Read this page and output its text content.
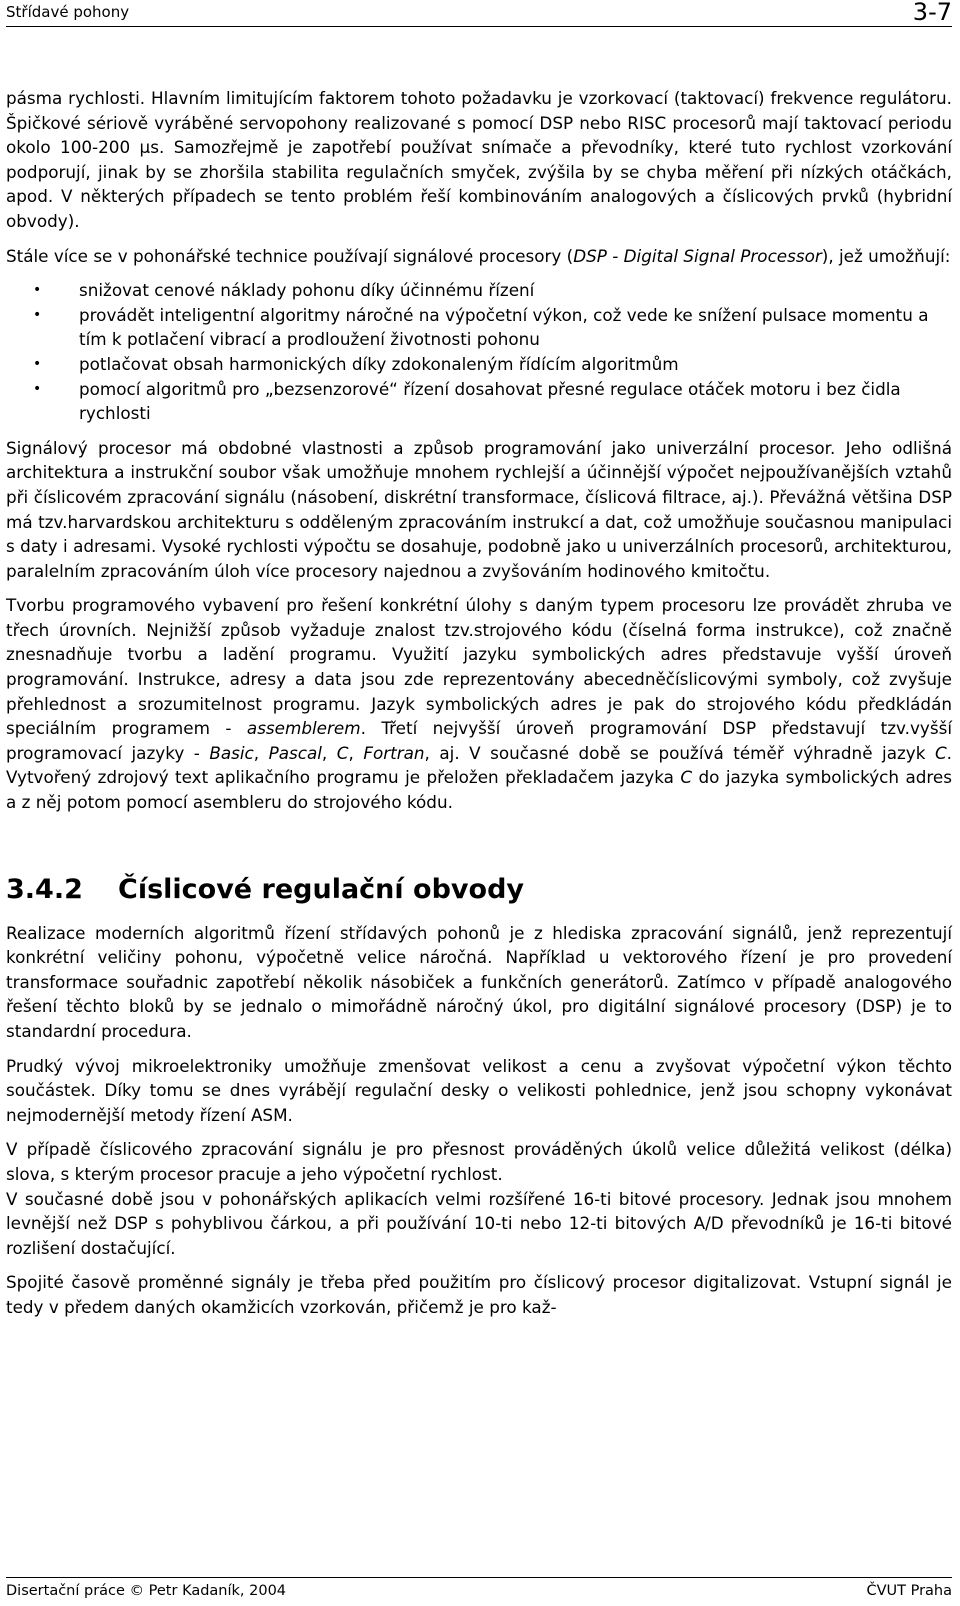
Střídavé pohony	3-7

pásma rychlosti. Hlavním limitujícím faktorem tohoto požadavku je vzorkovací (taktovací) frekvence regulátoru. Špičkové sériově vyráběné servopohony realizované s pomocí DSP nebo RISC procesorů mají taktovací periodu okolo 100-200 μs. Samozřejmě je zapotřebí používat snímače a převodníky, které tuto rychlost vzorkování podporují, jinak by se zhoršila stabilita regulačních smyček, zvýšila by se chyba měření při nízkých otáčkách, apod. V některých případech se tento problém řeší kombinováním analogových a číslicových prvků (hybridní obvody).

Stále více se v pohonářské technice používají signálové procesory (DSP - Digital Signal Processor), jež umožňují:

• snižovat cenové náklady pohonu díky účinnému řízení
• provádět inteligentní algoritmy náročné na výpočetní výkon, což vede ke snížení pulsace momentu a tím k potlačení vibrací a prodloužení životnosti pohonu
• potlačovat obsah harmonických díky zdokonaleným řídícím algoritmům
• pomocí algoritmů pro „bezsenzorové“ řízení dosahovat přesné regulace otáček motoru i bez čidla rychlosti

Signálový procesor má obdobné vlastnosti a způsob programování jako univerzální procesor. Jeho odlišná architektura a instrukční soubor však umožňuje mnohem rychlejší a účinnější výpočet nejpoužívanějších vztahů při číslicovém zpracování signálu (násobení, diskrétní transformace, číslicová filtrace, aj.). Převážná většina DSP má tzv.harvardskou architekturu s odděleným zpracováním instrukcí a dat, což umožňuje současnou manipulaci s daty i adresami. Vysoké rychlosti výpočtu se dosahuje, podobně jako u univerzálních procesorů, architekturou, paralelním zpracováním úloh více procesory najednou a zvyšováním hodinového kmitočtu.

Tvorbu programového vybavení pro řešení konkrétní úlohy s daným typem procesoru lze provádět zhruba ve třech úrovních. Nejnižší způsob vyžaduje znalost tzv.strojového kódu (číselná forma instrukce), což značně znesnadňuje tvorbu a ladění programu. Využití jazyku symbolických adres představuje vyšší úroveň programování. Instrukce, adresy a data jsou zde reprezentovány abecedněčíslicovými symboly, což zvyšuje přehlednost a srozumitelnost programu. Jazyk symbolických adres je pak do strojového kódu předkládán speciálním programem - assemblerem. Třetí nejvyšší úroveň programování DSP představují tzv.vyšší programovací jazyky - Basic, Pascal, C, Fortran, aj. V současné době se používá téměř výhradně jazyk C. Vytvořený zdrojový text aplikačního programu je přeložen překladačem jazyka C do jazyka symbolických adres a z něj potom pomocí asembleru do strojového kódu.

3.4.2 Číslicové regulační obvody

Realizace moderních algoritmů řízení střídavých pohonů je z hlediska zpracování signálů, jenž reprezentují konkrétní veličiny pohonu, výpočetně velice náročná. Například u vektorového řízení je pro provedení transformace souřadnic zapotřebí několik násobiček a funkčních generátorů. Zatímco v případě analogového řešení těchto bloků by se jednalo o mimořádně náročný úkol, pro digitální signálové procesory (DSP) je to standardní procedura.

Prudký vývoj mikroelektroniky umožňuje zmenšovat velikost a cenu a zvyšovat výpočetní výkon těchto součástek. Díky tomu se dnes vyrábějí regulační desky o velikosti pohlednice, jenž jsou schopny vykonávat nejmodernější metody řízení ASM.

V případě číslicového zpracování signálu je pro přesnost prováděných úkolů velice důležitá velikost (délka) slova, s kterým procesor pracuje a jeho výpočetní rychlost.
V současné době jsou v pohonářských aplikacích velmi rozšířené 16-ti bitové procesory. Jednak jsou mnohem levnější než DSP s pohyblivou čárkou, a při používání 10-ti nebo 12-ti bitových A/D převodníků je 16-ti bitové rozlišení dostačující.

Spojité časově proměnné signály je třeba před použitím pro číslicový procesor digitalizovat. Vstupní signál je tedy v předem daných okamžicích vzorkován, přičemž je pro kaž-

Disertační práce © Petr Kadaník, 2004	ČVUT Praha
